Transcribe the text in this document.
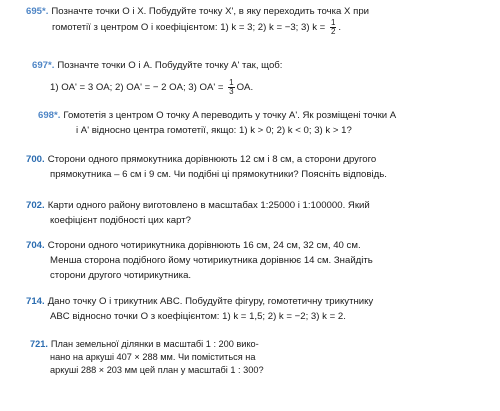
695*. Позначте точки O і X. Побудуйте точку X', в яку переходить точка X при
гомотетії з центром O і коефіцієнтом: 1) k = 3; 2) k = −3; 3) $k = \frac{1}{2}$ .
697*. Позначте точки O і A. Побудуйте точку A' так, щоб:
1) OA' = 3 OA; 2) OA' = − 2 OA; 3) $OA' = \frac{1}{3}$ OA.
698*. Гомотетія з центром O точку A переводить у точку A'. Як розміщені точки A
і A' відносно центра гомотетії, якщо: 1) k > 0; 2) k < 0; 3) k > 1?
700. Сторони одного прямокутника дорівнюють 12 см і 8 см, а сторони другого
прямокутника – 6 см і 9 см. Чи подібні ці прямокутники? Поясніть відповідь.
702. Карти одного району виготовлено в масштабах 1:25000 і 1:100000. Який
коефіцієнт подібності цих карт?
704. Сторони одного чотирикутника дорівнюють 16 см, 24 см, 32 см, 40 см.
Менша сторона подібного йому чотирикутника дорівнює 14 см. Знайдіть
сторони другого чотирикутника.
714. Дано точку O і трикутник ABC. Побудуйте фігуру, гомотетичну трикутнику
ABC відносно точки O з коефіцієнтом: 1) k = 1,5; 2) k = −2; 3) k = 2.
721. План земельної ділянки в масштабі 1 : 200 вико-
нано на аркуші 407 × 288 мм. Чи поміститься на
аркуші 288 × 203 мм цей план у масштабі 1 : 300?
